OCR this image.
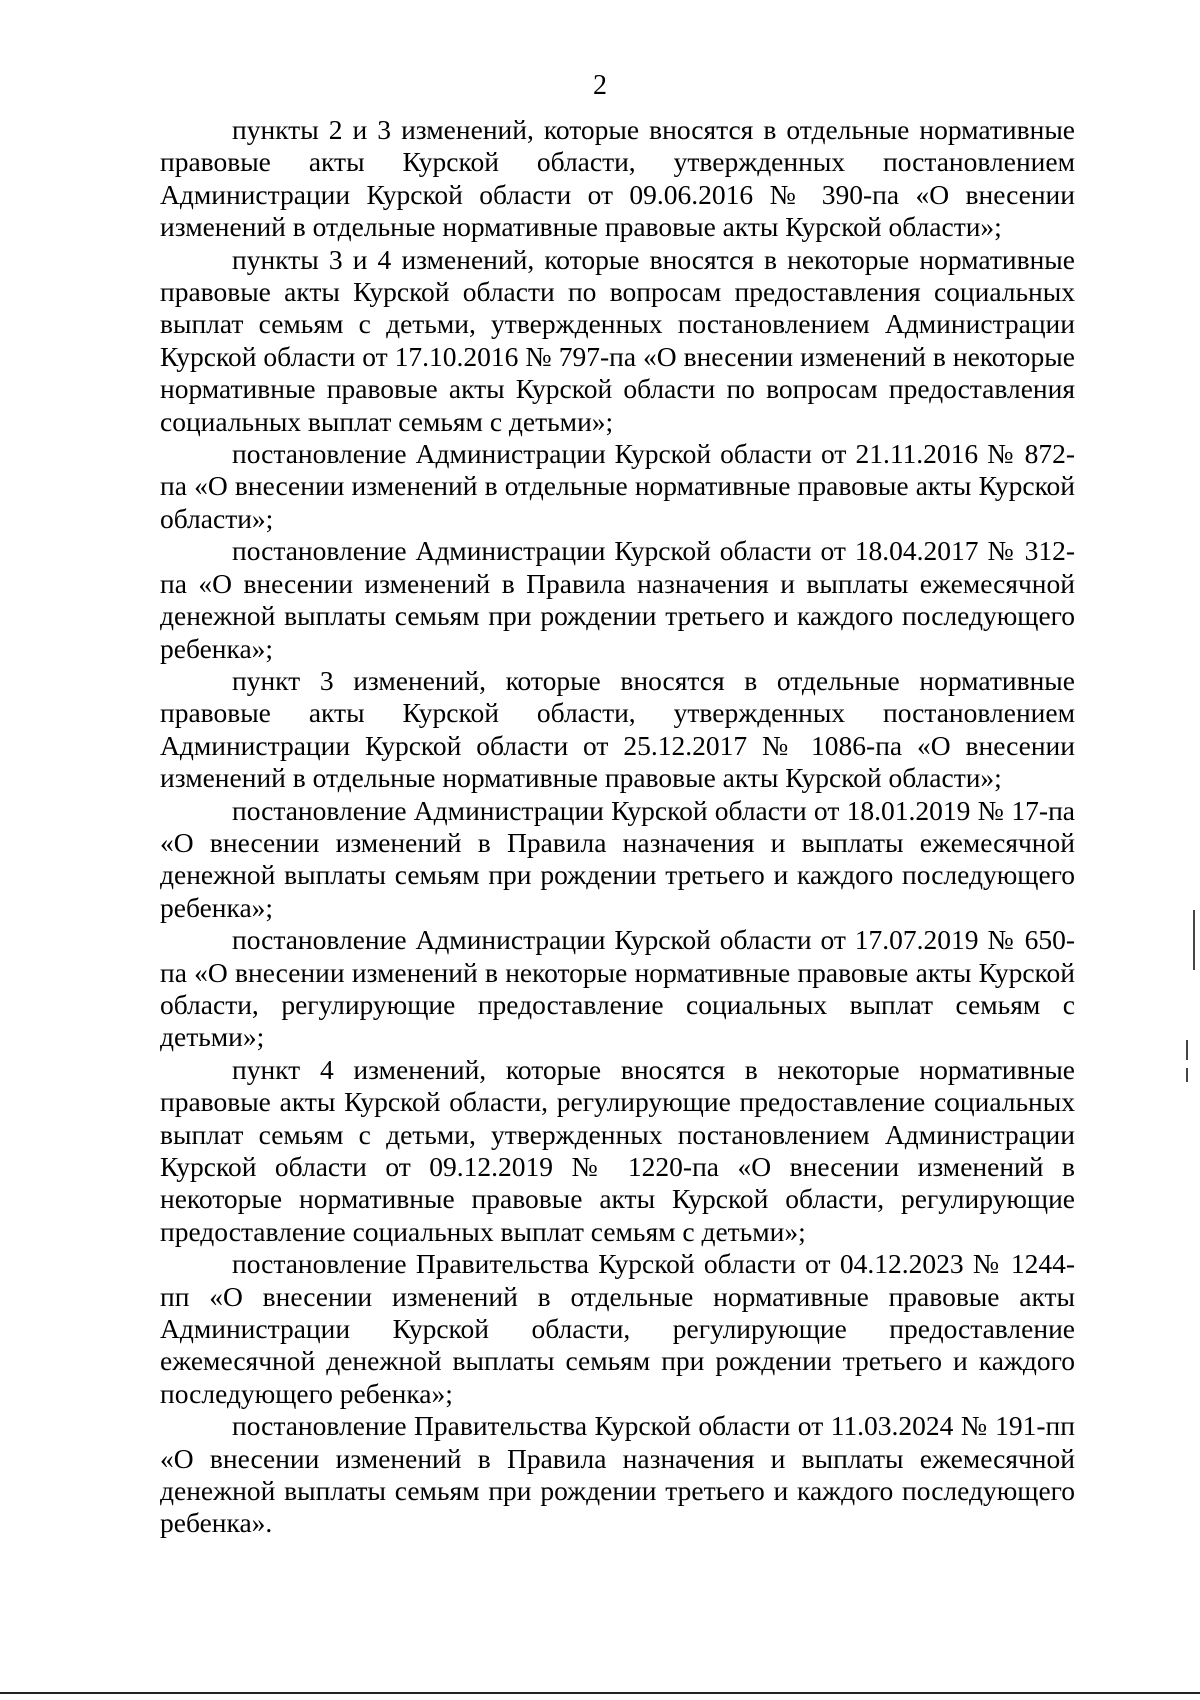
2

пункты 2 и 3 изменений, которые вносятся в отдельные нормативные правовые акты Курской области, утвержденных постановлением Администрации Курской области от 09.06.2016 № 390-па «О внесении изменений в отдельные нормативные правовые акты Курской области»;

пункты 3 и 4 изменений, которые вносятся в некоторые нормативные правовые акты Курской области по вопросам предоставления социальных выплат семьям с детьми, утвержденных постановлением Администрации Курской области от 17.10.2016 № 797-па «О внесении изменений в некоторые нормативные правовые акты Курской области по вопросам предоставления социальных выплат семьям с детьми»;

постановление Администрации Курской области от 21.11.2016 № 872-па «О внесении изменений в отдельные нормативные правовые акты Курской области»;

постановление Администрации Курской области от 18.04.2017 № 312-па «О внесении изменений в Правила назначения и выплаты ежемесячной денежной выплаты семьям при рождении третьего и каждого последующего ребенка»;

пункт 3 изменений, которые вносятся в отдельные нормативные правовые акты Курской области, утвержденных постановлением Администрации Курской области от 25.12.2017 № 1086-па «О внесении изменений в отдельные нормативные правовые акты Курской области»;

постановление Администрации Курской области от 18.01.2019 № 17-па «О внесении изменений в Правила назначения и выплаты ежемесячной денежной выплаты семьям при рождении третьего и каждого последующего ребенка»;

постановление Администрации Курской области от 17.07.2019 № 650-па «О внесении изменений в некоторые нормативные правовые акты Курской области, регулирующие предоставление социальных выплат семьям с детьми»;

пункт 4 изменений, которые вносятся в некоторые нормативные правовые акты Курской области, регулирующие предоставление социальных выплат семьям с детьми, утвержденных постановлением Администрации Курской области от 09.12.2019 № 1220-па «О внесении изменений в некоторые нормативные правовые акты Курской области, регулирующие предоставление социальных выплат семьям с детьми»;

постановление Правительства Курской области от 04.12.2023 № 1244-пп «О внесении изменений в отдельные нормативные правовые акты Администрации Курской области, регулирующие предоставление ежемесячной денежной выплаты семьям при рождении третьего и каждого последующего ребенка»;

постановление Правительства Курской области от 11.03.2024 № 191-пп «О внесении изменений в Правила назначения и выплаты ежемесячной денежной выплаты семьям при рождении третьего и каждого последующего ребенка».
